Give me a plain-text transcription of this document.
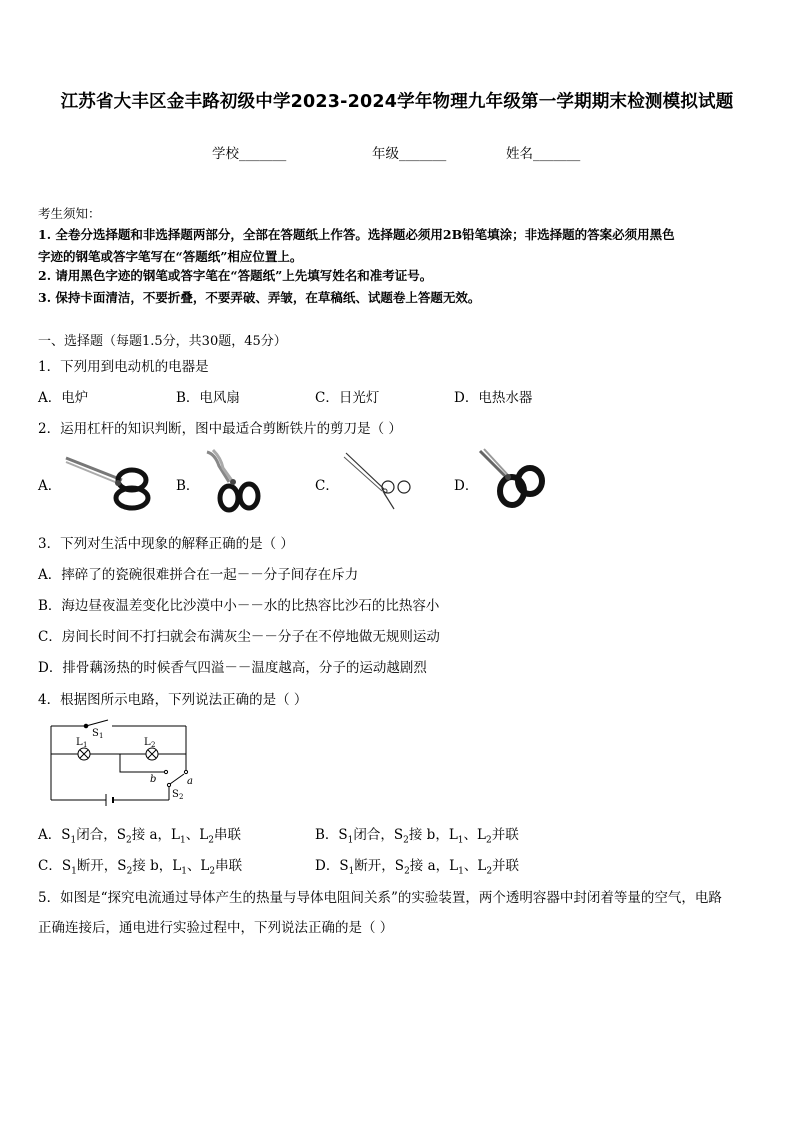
江苏省大丰区金丰路初级中学2023-2024学年物理九年级第一学期期末检测模拟试题
学校_______	年级_______	姓名_______
考生须知：
1. 全卷分选择题和非选择题两部分，全部在答题纸上作答。选择题必须用2B铅笔填涂；非选择题的答案必须用黑色
字迹的钢笔或答字笔写在“答题纸”相应位置上。
2. 请用黑色字迹的钢笔或答字笔在“答题纸”上先填写姓名和准考证号。
3. 保持卡面清洁，不要折叠，不要弄破、弄皱，在草稿纸、试题卷上答题无效。
一、选择题（每题1.5分，共30题，45分）
1．下列用到电动机的电器是
A．电炉	B．电风扇	C．日光灯	D．电热水器
2．运用杠杆的知识判断，图中最适合剪断铁片的剪刀是（ ）
A．	B．	C．	D．
3．下列对生活中现象的解释正确的是（ ）
A．摔碎了的瓷碗很难拼合在一起－－分子间存在斥力
B．海边昼夜温差变化比沙漠中小－－水的比热容比沙石的比热容小
C．房间长时间不打扫就会布满灰尘－－分子在不停地做无规则运动
D．排骨藕汤热的时候香气四溢－－温度越高，分子的运动越剧烈
4．根据图所示电路，下列说法正确的是（ ）
S 1
L 1	L 2
b	a
S 2
A．$S_1$闭合，$S_2$接 a，$L_1$、$L_2$串联	B．$S_1$闭合，$S_2$接 b，$L_1$、$L_2$并联
C．$S_1$断开，$S_2$接 b，$L_1$、$L_2$串联	D．$S_1$断开，$S_2$接 a，$L_1$、$L_2$并联
5．如图是“探究电流通过导体产生的热量与导体电阻间关系”的实验装置，两个透明容器中封闭着等量的空气，电路
正确连接后，通电进行实验过程中，下列说法正确的是（ ）
